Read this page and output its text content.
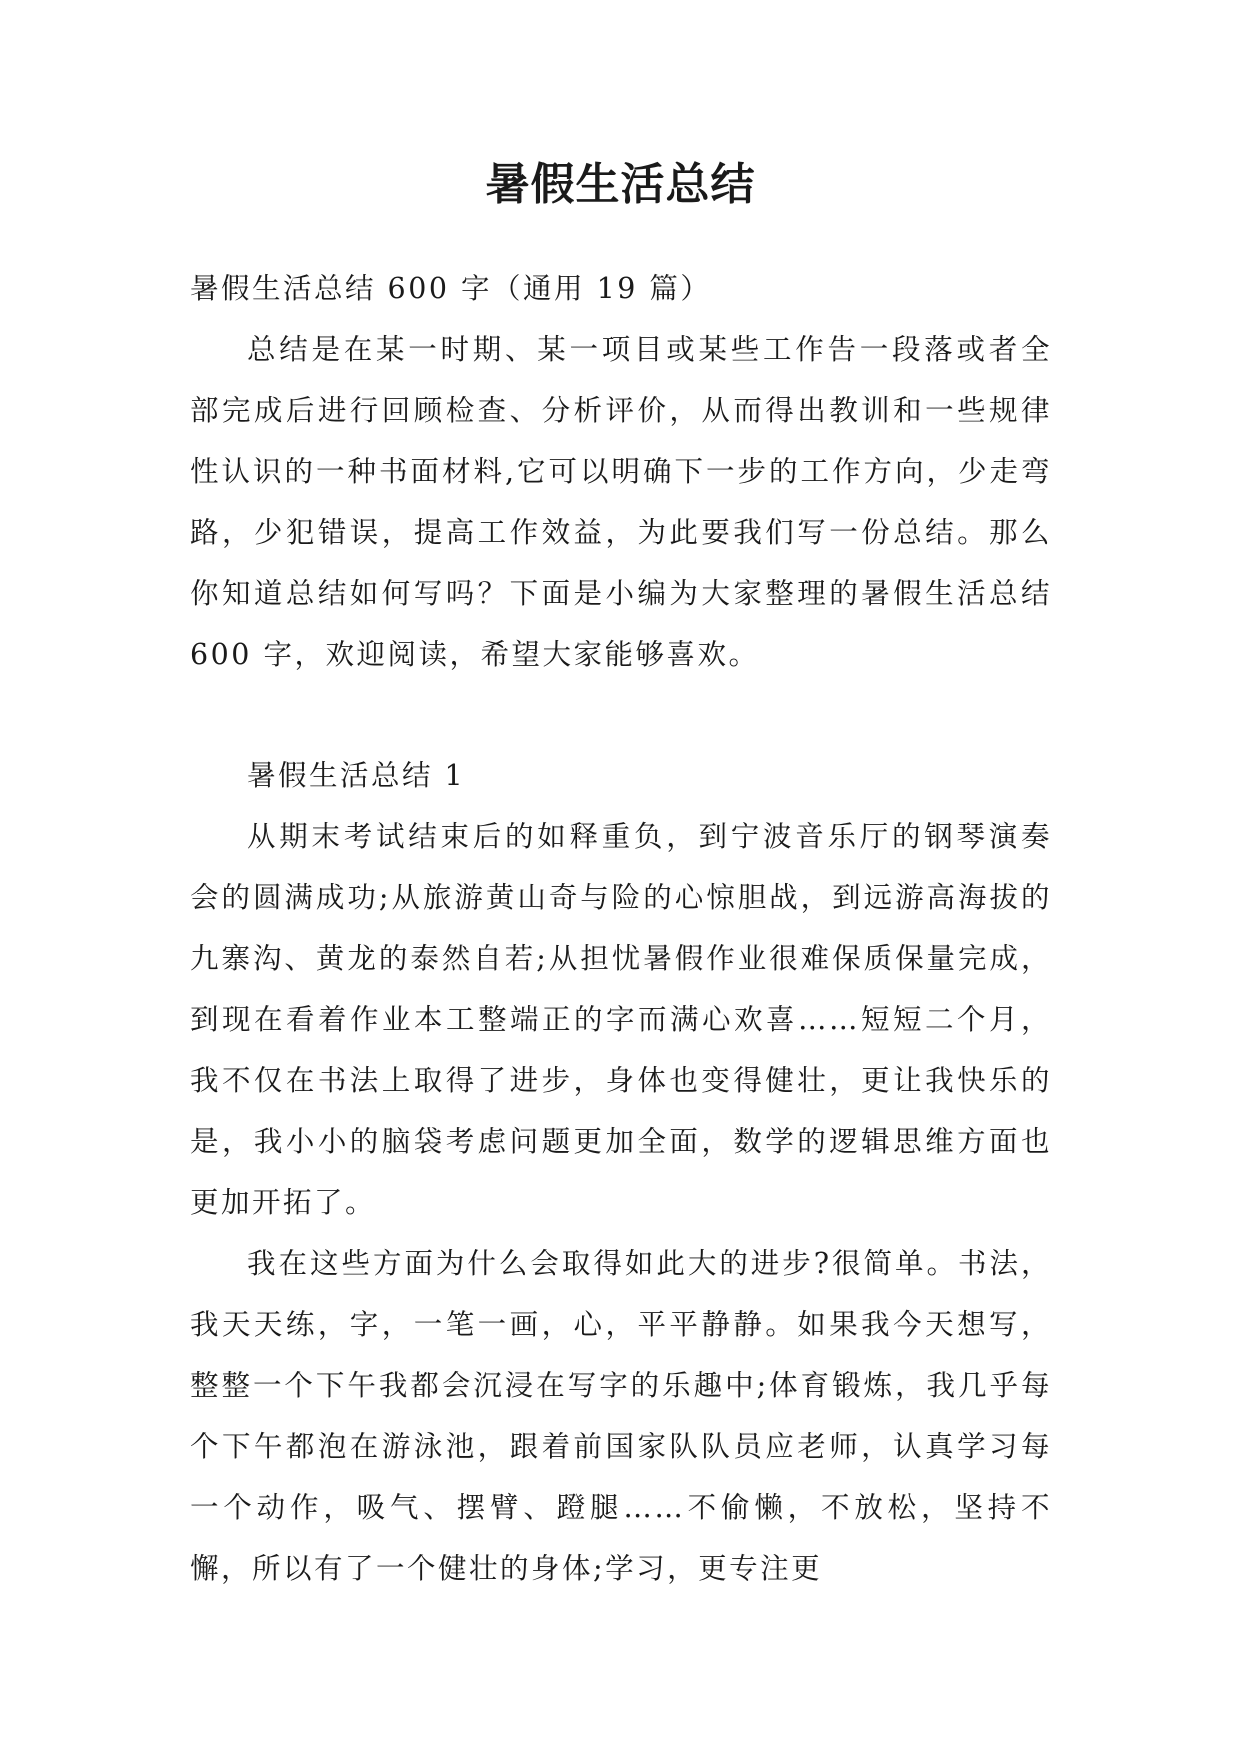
暑假生活总结

暑假生活总结 600 字（通用 19 篇）

总结是在某一时期、某一项目或某些工作告一段落或者全部完成后进行回顾检查、分析评价，从而得出教训和一些规律性认识的一种书面材料,它可以明确下一步的工作方向，少走弯路，少犯错误，提高工作效益，为此要我们写一份总结。那么你知道总结如何写吗？下面是小编为大家整理的暑假生活总结 600 字，欢迎阅读，希望大家能够喜欢。

暑假生活总结 1

从期末考试结束后的如释重负，到宁波音乐厅的钢琴演奏会的圆满成功;从旅游黄山奇与险的心惊胆战，到远游高海拔的九寨沟、黄龙的泰然自若;从担忧暑假作业很难保质保量完成，到现在看着作业本工整端正的字而满心欢喜……短短二个月，我不仅在书法上取得了进步，身体也变得健壮，更让我快乐的是，我小小的脑袋考虑问题更加全面，数学的逻辑思维方面也更加开拓了。

我在这些方面为什么会取得如此大的进步?很简单。书法，我天天练，字，一笔一画，心，平平静静。如果我今天想写，整整一个下午我都会沉浸在写字的乐趣中;体育锻炼，我几乎每个下午都泡在游泳池，跟着前国家队队员应老师，认真学习每一个动作，吸气、摆臂、蹬腿……不偷懒，不放松，坚持不懈，所以有了一个健壮的身体;学习，更专注更
